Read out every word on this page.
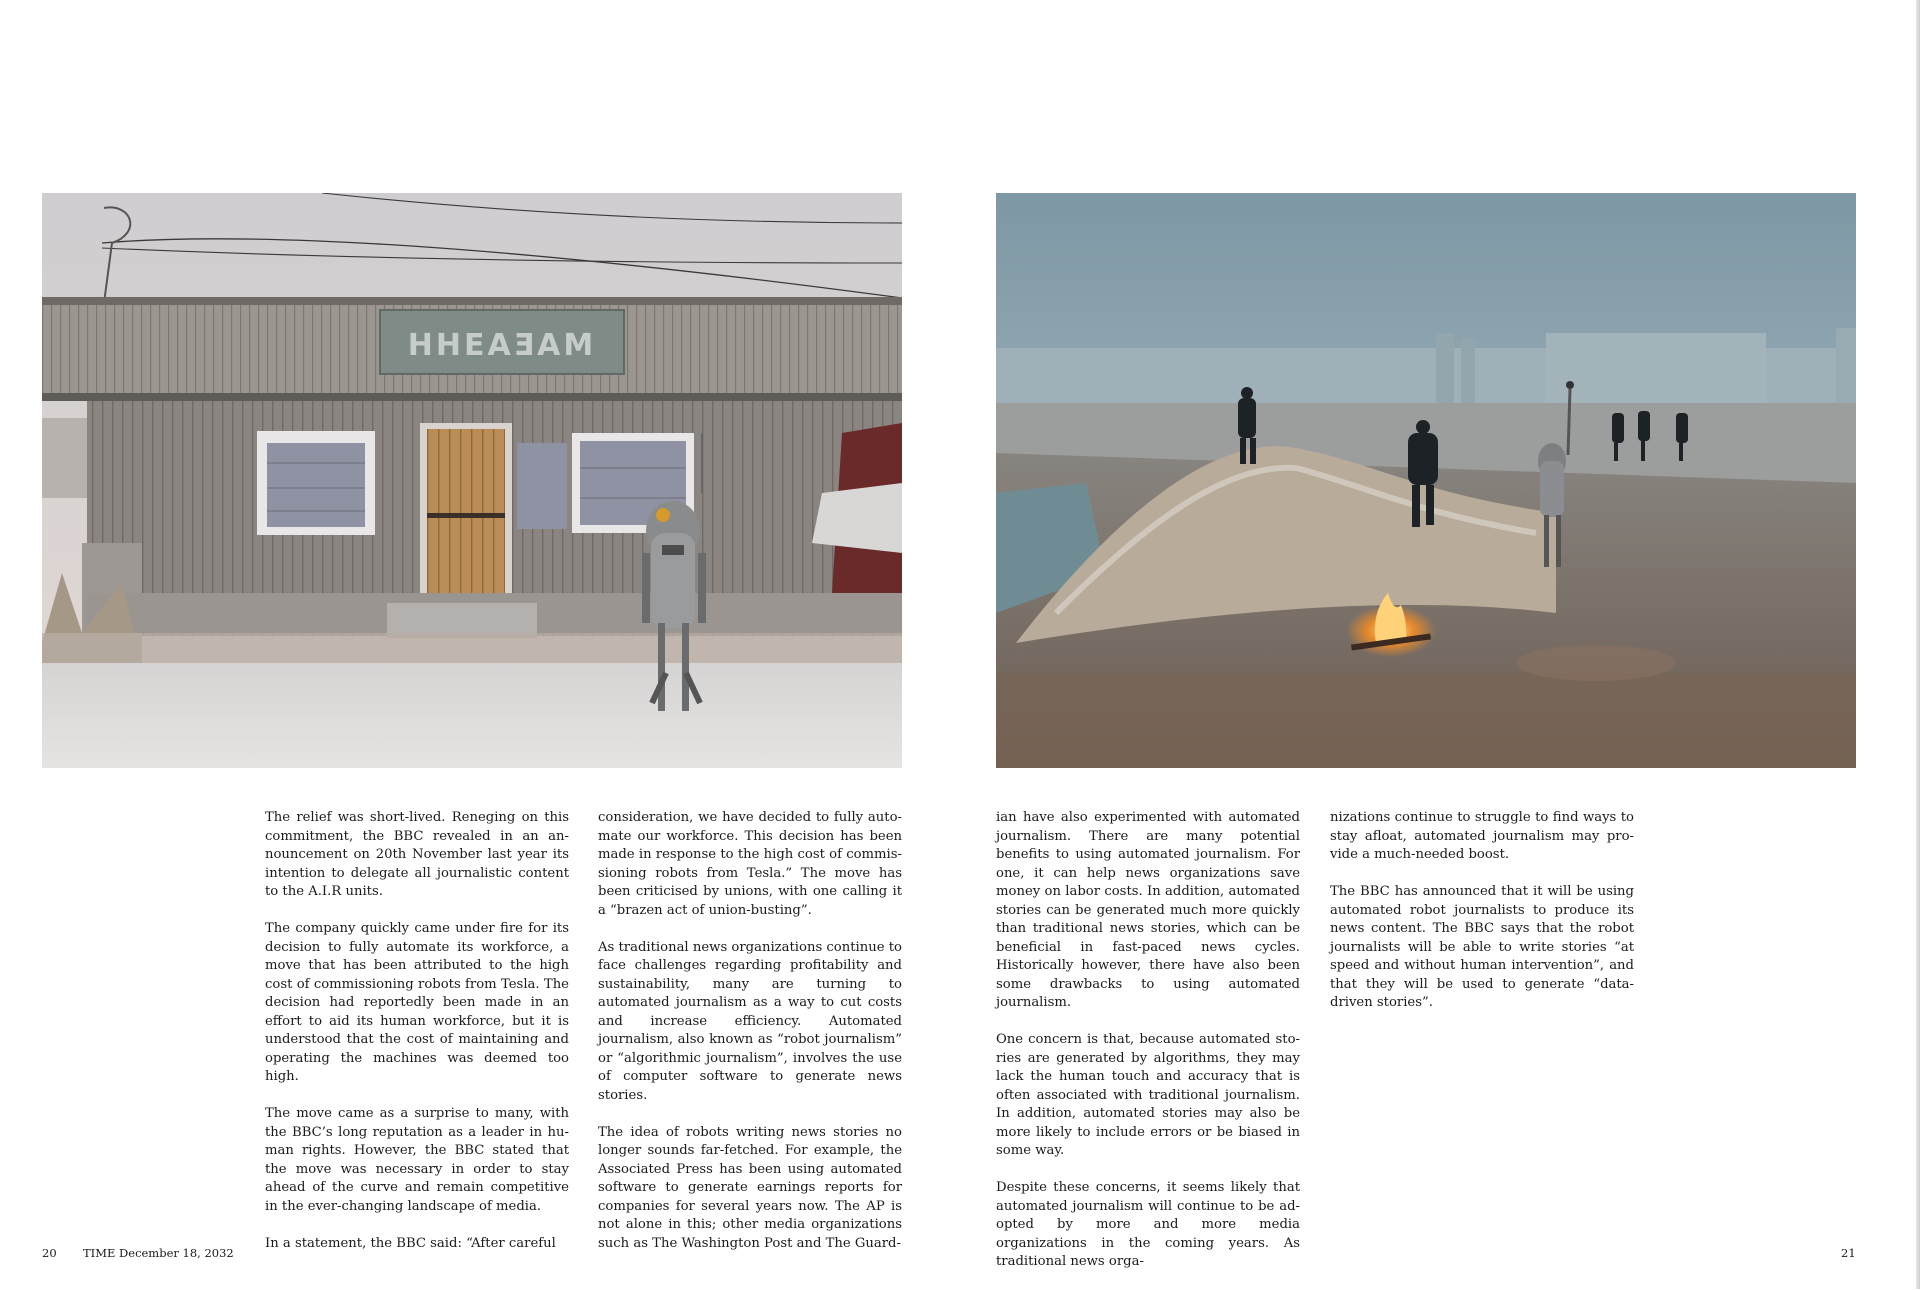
HHEAƎAM

The relief was short-lived. Reneging on this commitment, the BBC revealed in an announcement on 20th November last year its intention to delegate all journalistic content to the A.I.R units.

The company quickly came under fire for its decision to fully automate its workforce, a move that has been attributed to the high cost of commissioning robots from Tesla. The decision had reportedly been made in an effort to aid its human workforce, but it is understood that the cost of maintaining and operating the machines was deemed too high.

The move came as a surprise to many, with the BBC’s long reputation as a leader in human rights. However, the BBC stated that the move was necessary in order to stay ahead of the curve and remain competitive in the ever-changing landscape of media.

In a statement, the BBC said: “After careful

consideration, we have decided to fully automate our workforce. This decision has been made in response to the high cost of commissioning robots from Tesla.” The move has been criticised by unions, with one calling it a “brazen act of union-busting”.

As traditional news organizations continue to face challenges regarding profitability and sustainability, many are turning to automated journalism as a way to cut costs and increase efficiency. Automated journalism, also known as “robot journalism” or “algorithmic journalism”, involves the use of computer software to generate news stories.

The idea of robots writing news stories no longer sounds far-fetched. For example, the Associated Press has been using automated software to generate earnings reports for companies for several years now. The AP is not alone in this; other media organizations such as The Washington Post and The Guard-

ian have also experimented with automated journalism. There are many potential benefits to using automated journalism. For one, it can help news organizations save money on labor costs. In addition, automated stories can be generated much more quickly than traditional news stories, which can be beneficial in fast-paced news cycles. Historically however, there have also been some drawbacks to using automated journalism.

One concern is that, because automated stories are generated by algorithms, they may lack the human touch and accuracy that is often associated with traditional journalism. In addition, automated stories may also be more likely to include errors or be biased in some way.

Despite these concerns, it seems likely that automated journalism will continue to be adopted by more and more media organizations in the coming years. As traditional news orga-

nizations continue to struggle to find ways to stay afloat, automated journalism may provide a much-needed boost.

The BBC has announced that it will be using automated robot journalists to produce its news content. The BBC says that the robot journalists will be able to write stories “at speed and without human intervention”, and that they will be used to generate “data-driven stories”.

20 TIME December 18, 2032	21
